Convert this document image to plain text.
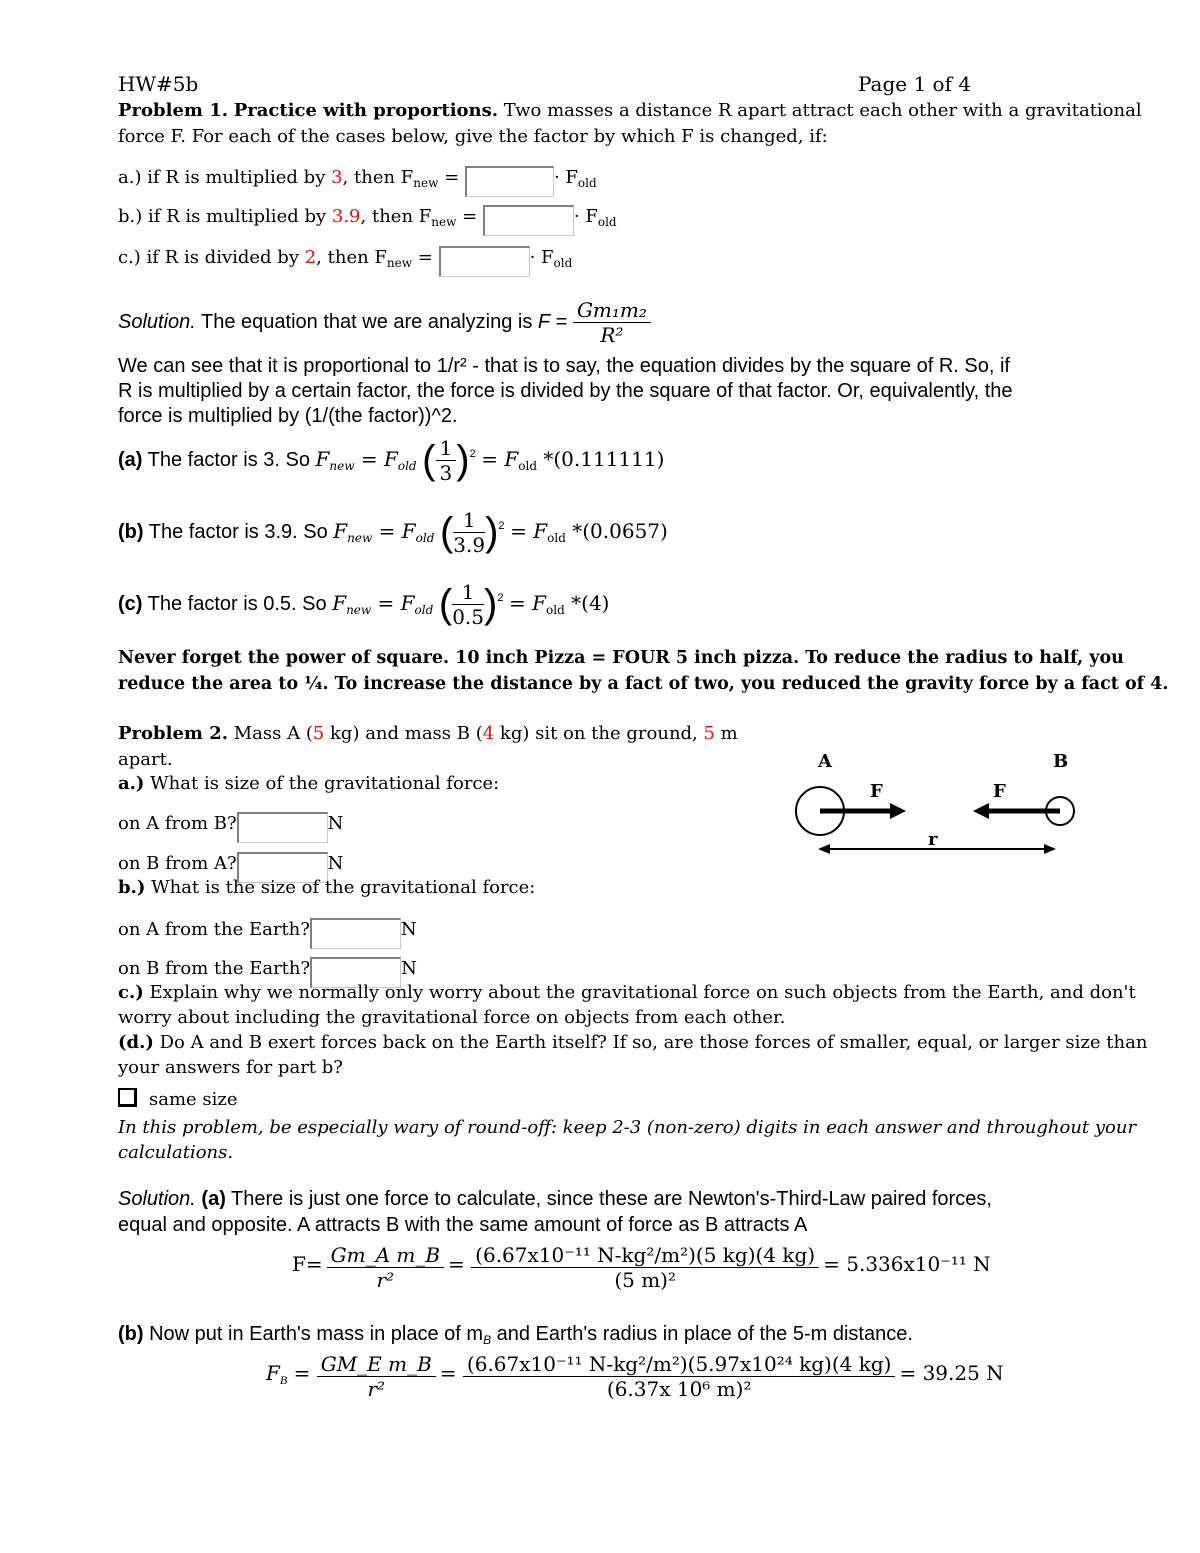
HW#5b	Page 1 of 4
Problem 1. Practice with proportions. Two masses a distance R apart attract each other with a gravitational
force F. For each of the cases below, give the factor by which F is changed, if:
a.) if R is multiplied by 3, then $F_{new}$ =	· $F_{old}$
b.) if R is multiplied by 3.9, then $F_{new}$ =	· $F_{old}$
c.) if R is divided by 2, then $F_{new}$ =	· $F_{old}$
Solution. The equation that we are analyzing is $F = \frac{\text{Gm₁m₂}}{\text{R²}}$
We can see that it is proportional to 1/r² - that is to say, the equation divides by the square of R. So, if
R is multiplied by a certain factor, the force is divided by the square of that factor. Or, equivalently, the
force is multiplied by (1/(the factor))^2.
(a) The factor is 3. So $F_{new} = F_{old}$ ( $\frac{1}{3} )^2 = F_{old}$ *(0.111111)
(b) The factor is 3.9. So $F_{new} = F_{old}$ ( $\frac{1}{3.9} )^2 = F_{old}$ *(0.0657)
(c) The factor is 0.5. So $F_{new} = F_{old}$ ( $\frac{1}{0.5} )^2 = F_{old}$ *(4)
Never forget the power of square. 10 inch Pizza = FOUR 5 inch pizza. To reduce the radius to half, you
reduce the area to ¼. To increase the distance by a fact of two, you reduced the gravity force by a fact of 4.
Problem 2. Mass A (5 kg) and mass B (4 kg) sit on the ground, 5 m
apart.
a.) What is size of the gravitational force:
on A from B?	N
on B from A?	N
b.) What is the size of the gravitational force:
on A from the Earth?	N
on B from the Earth?	N
c.) Explain why we normally only worry about the gravitational force on such objects from the Earth, and don't
worry about including the gravitational force on objects from each other.
(d.) Do A and B exert forces back on the Earth itself? If so, are those forces of smaller, equal, or larger size than
your answers for part b?
same size
In this problem, be especially wary of round-off: keep 2-3 (non-zero) digits in each answer and throughout your
calculations.
A	B
F	F
r
Solution. (a) There is just one force to calculate, since these are Newton's-Third-Law paired forces,
equal and opposite. A attracts B with the same amount of force as B attracts A
$F= \frac{\text{Gm\_A m\_B}}{\text{r²}} = \frac{\text{(6.67x10⁻¹¹ N-kg²/m²)(5 kg)(4 kg)}}{\text{(5 m)²}} = 5.336x10^{-11}$ N
(b) Now put in Earth's mass in place of $m_B$ and Earth's radius in place of the 5-m distance.
$F_B = \frac{\text{GM\_E m\_B}}{\text{r²}} = \frac{\text{(6.67x10⁻¹¹ N-kg²/m²)(5.97x10²⁴ kg)(4 kg)}}{\text{(6.37x 10⁶ m)²}} = 39.25$ N
